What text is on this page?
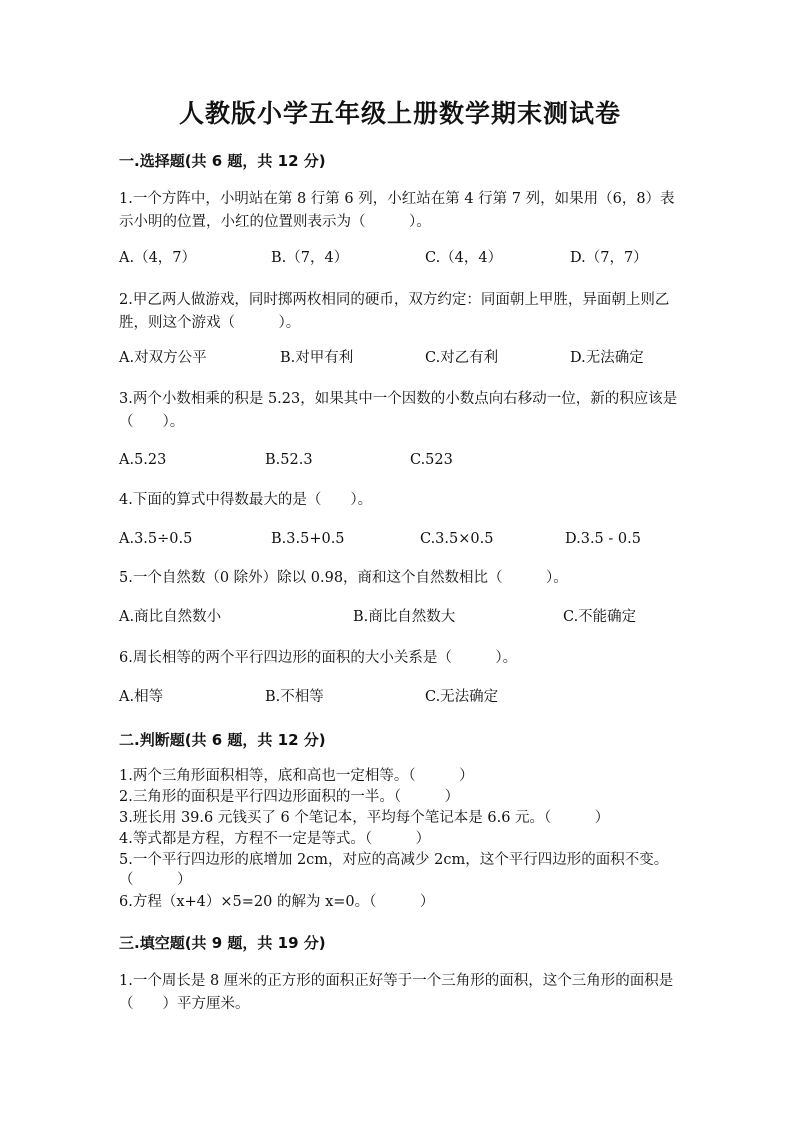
人教版小学五年级上册数学期末测试卷
一.选择题(共 6 题，共 12 分)
1.一个方阵中，小明站在第 8 行第 6 列，小红站在第 4 行第 7 列，如果用（6，8）表示小明的位置，小红的位置则表示为（　　　）。
A.（4，7）	B.（7，4）	C.（4，4）	D.（7，7）
2.甲乙两人做游戏，同时掷两枚相同的硬币，双方约定：同面朝上甲胜，异面朝上则乙胜，则这个游戏（　　　）。
A.对双方公平	B.对甲有利	C.对乙有利	D.无法确定
3.两个小数相乘的积是 5.23，如果其中一个因数的小数点向右移动一位，新的积应该是（　　）。
A.5.23	B.52.3	C.523
4.下面的算式中得数最大的是（　　）。
A.3.5÷0.5	B.3.5+0.5	C.3.5×0.5	D.3.5 - 0.5
5.一个自然数（0 除外）除以 0.98，商和这个自然数相比（　　　）。
A.商比自然数小	B.商比自然数大	C.不能确定
6.周长相等的两个平行四边形的面积的大小关系是（　　　）。
A.相等	B.不相等	C.无法确定
二.判断题(共 6 题，共 12 分)
1.两个三角形面积相等，底和高也一定相等。（　　　）
2.三角形的面积是平行四边形面积的一半。（　　　）
3.班长用 39.6 元钱买了 6 个笔记本，平均每个笔记本是 6.6 元。（　　　）
4.等式都是方程，方程不一定是等式。（　　　）
5.一个平行四边形的底增加 2cm，对应的高减少 2cm，这个平行四边形的面积不变。（　　　）
6.方程（x+4）×5=20 的解为 x=0。（　　　）
三.填空题(共 9 题，共 19 分)
1.一个周长是 8 厘米的正方形的面积正好等于一个三角形的面积，这个三角形的面积是（　　）平方厘米。
